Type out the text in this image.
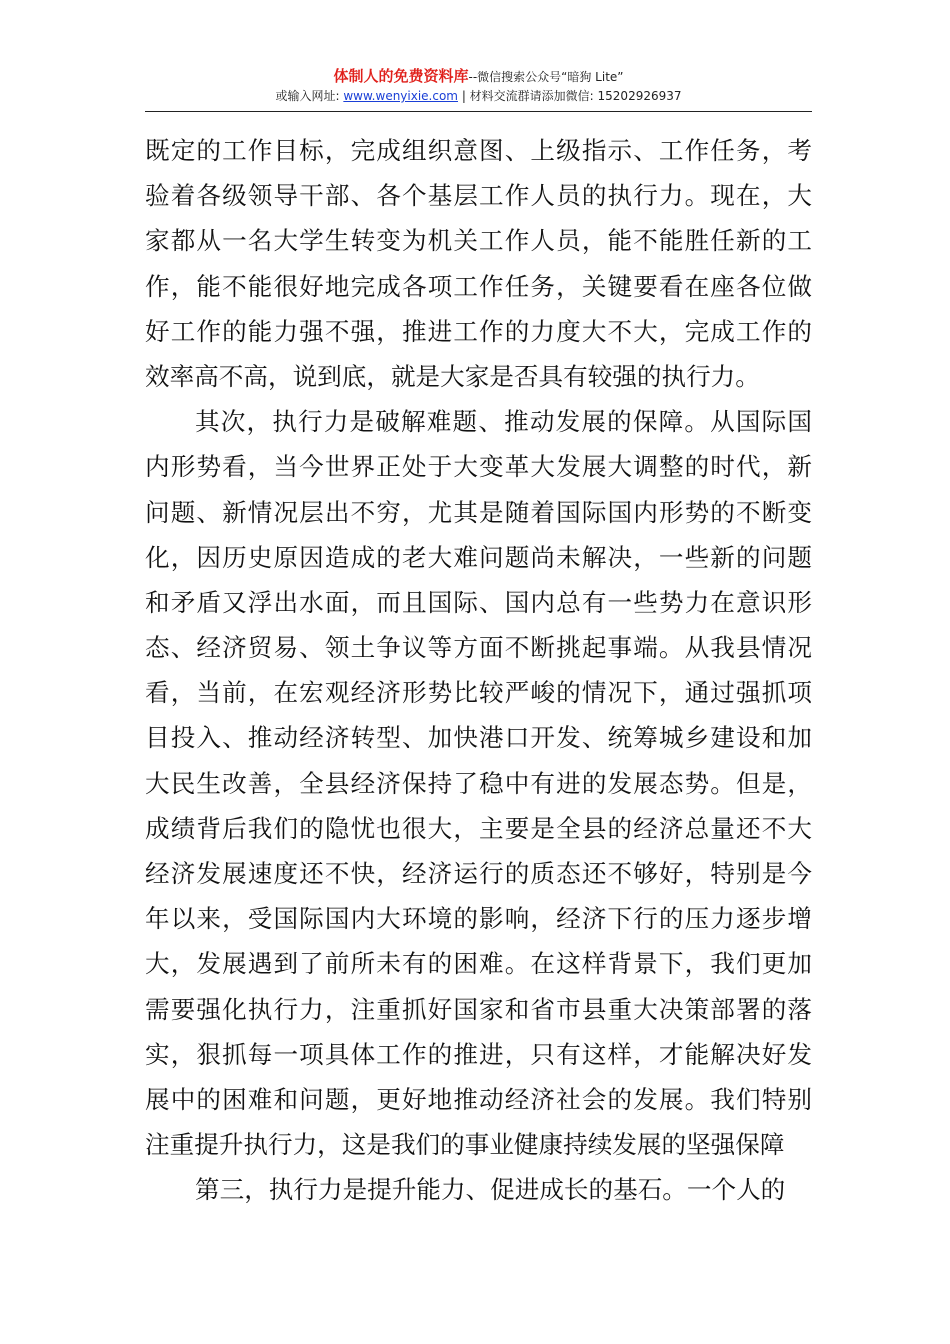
体制人的免费资料库--微信搜索公众号“暗狗 Lite”
或输入网址: www.wenyixie.com | 材料交流群请添加微信: 15202926937
既定的工作目标，完成组织意图、上级指示、工作任务，考
验着各级领导干部、各个基层工作人员的执行力。现在，大
家都从一名大学生转变为机关工作人员，能不能胜任新的工
作，能不能很好地完成各项工作任务，关键要看在座各位做
好工作的能力强不强，推进工作的力度大不大，完成工作的
效率高不高，说到底，就是大家是否具有较强的执行力。
其次，执行力是破解难题、推动发展的保障。从国际国
内形势看，当今世界正处于大变革大发展大调整的时代，新
问题、新情况层出不穷，尤其是随着国际国内形势的不断变
化，因历史原因造成的老大难问题尚未解决，一些新的问题
和矛盾又浮出水面，而且国际、国内总有一些势力在意识形
态、经济贸易、领土争议等方面不断挑起事端。从我县情况
看，当前，在宏观经济形势比较严峻的情况下，通过强抓项
目投入、推动经济转型、加快港口开发、统筹城乡建设和加
大民生改善，全县经济保持了稳中有进的发展态势。但是，
成绩背后我们的隐忧也很大，主要是全县的经济总量还不大
经济发展速度还不快，经济运行的质态还不够好，特别是今
年以来，受国际国内大环境的影响，经济下行的压力逐步增
大，发展遇到了前所未有的困难。在这样背景下，我们更加
需要强化执行力，注重抓好国家和省市县重大决策部署的落
实，狠抓每一项具体工作的推进，只有这样，才能解决好发
展中的困难和问题，更好地推动经济社会的发展。我们特别
注重提升执行力，这是我们的事业健康持续发展的坚强保障
第三，执行力是提升能力、促进成长的基石。一个人的
